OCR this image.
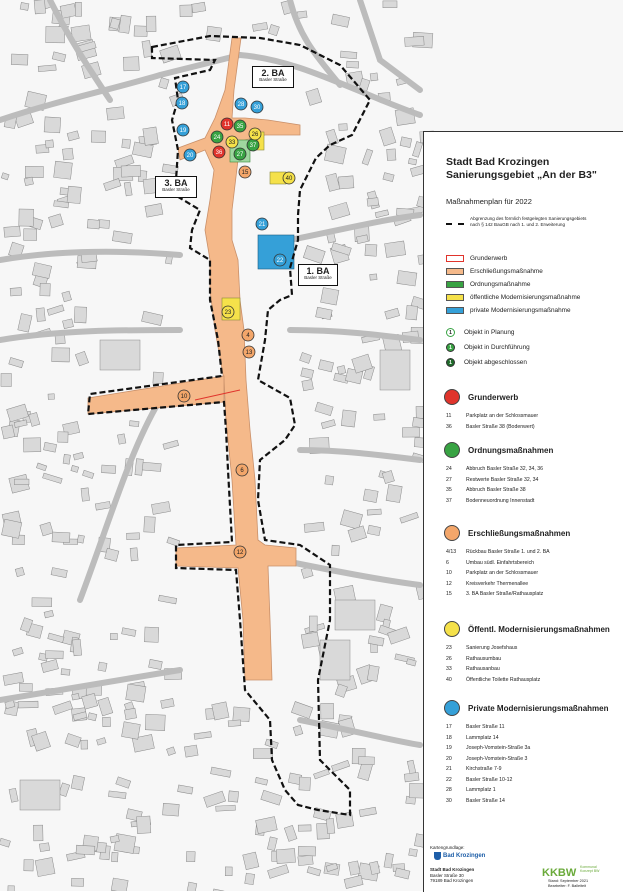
17
18
19
20
28 30
21
22
11
36
24
27
35
37
26
33
40
23
15
4
13
10
6
12
2. BA
Basler Straße
3. BA
Basler Straße
1. BA
Basler Straße
Stadt Bad Krozingen
Sanierungsgebiet „An der B3"
Maßnahmenplan für 2022
Abgrenzung des förmlich festgelegten Sanierungsgebiets nach § 142 BauGB nach 1. und 2. Erweiterung
Grunderwerb
Erschließungsmaßnahme
Ordnungsmaßnahme
öffentliche Modernisierungsmaßnahme
private Modernisierungsmaßnahme
1	Objekt in Planung
1	Objekt in Durchführung
1	Objekt abgeschlossen
Grunderwerb
11	Parkplatz an der Schlossmauer
36	Basler Straße 38 (Bodenwert)
Ordnungsmaßnahmen
24	Abbruch Basler Straße 32, 34, 36
27	Restwerte Basler Straße 32, 34
35	Abbruch Basler Straße 38
37	Bodenneuordnung Innenstadt
Erschließungsmaßnahmen
4/13	Rückbau Basler Straße 1. und 2. BA
6	Umbau südl. Einfahrtsbereich
10	Parkplatz an der Schlossmauer
12	Kreisverkehr Thermenallee
15	3. BA Basler Straße/Rathausplatz
Öffentl. Modernisierungsmaßnahmen
23	Sanierung Josefshaus
26	Rathausumbau
33	Rathausanbau
40	Öffentliche Toilette Rathausplatz
Private Modernisierungsmaßnahmen
17	Basler Straße 11
18	Lammplatz 14
19	Joseph-Vomstein-Straße 3a
20	Joseph-Vomstein-Straße 3
21	Kirchstraße 7-9
22	Basler Straße 10-12
28	Lammplatz 1
30	Basler Straße 14
Kartengrundlage:
Bad Krozingen
Stadt Bad Krozingen
Basler Straße 30
79189 Bad Krozingen
KKBW Kommunal
Konzept BW
Stand: September 2021
Bearbeiter: F. Balleiteit
